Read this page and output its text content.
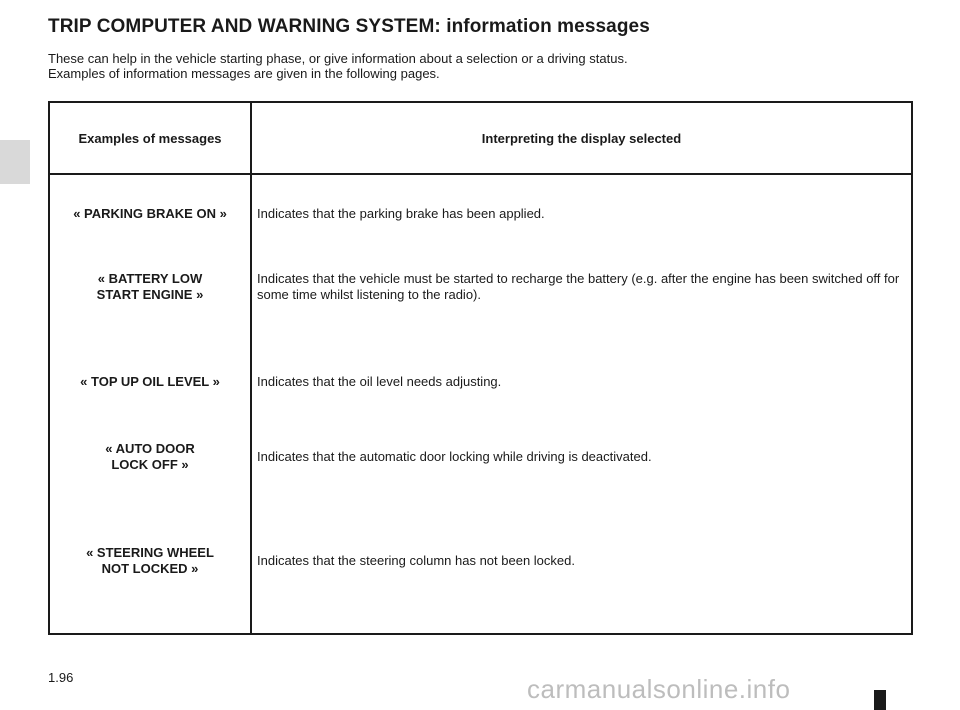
TRIP COMPUTER AND WARNING SYSTEM: information messages

These can help in the vehicle starting phase, or give information about a selection or a driving status.

Examples of information messages are given in the following pages.

Examples of messages	Interpreting the display selected
« PARKING BRAKE ON »	Indicates that the parking brake has been applied.
« BATTERY LOW
START ENGINE »	Indicates that the vehicle must be started to recharge the battery (e.g. after the engine has been switched off for some time whilst listening to the radio).
« TOP UP OIL LEVEL »	Indicates that the oil level needs adjusting.
« AUTO DOOR
LOCK OFF »	Indicates that the automatic door locking while driving is deactivated.
« STEERING WHEEL
NOT LOCKED »	Indicates that the steering column has not been locked.
1.96	carmanualsonline.info
